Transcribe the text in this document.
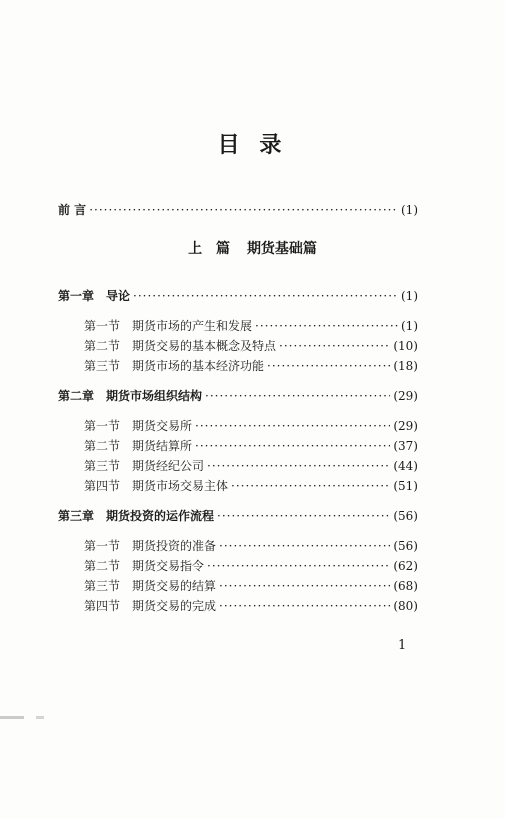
目 录
前 言 ·····	(1)
上　篇 期货基础篇
第一章 导论 ·····	(1)
第一节 期货市场的产生和发展 ·····	(1)
第二节 期货交易的基本概念及特点 ·····	(10)
第三节 期货市场的基本经济功能 ·····	(18)
第二章 期货市场组织结构 ·····	(29)
第一节 期货交易所 ·····	(29)
第二节 期货结算所 ·····	(37)
第三节 期货经纪公司 ·····	(44)
第四节 期货市场交易主体 ·····	(51)
第三章 期货投资的运作流程 ·····	(56)
第一节 期货投资的准备 ·····	(56)
第二节 期货交易指令 ·····	(62)
第三节 期货交易的结算 ·····	(68)
第四节 期货交易的完成 ·····	(80)
1
